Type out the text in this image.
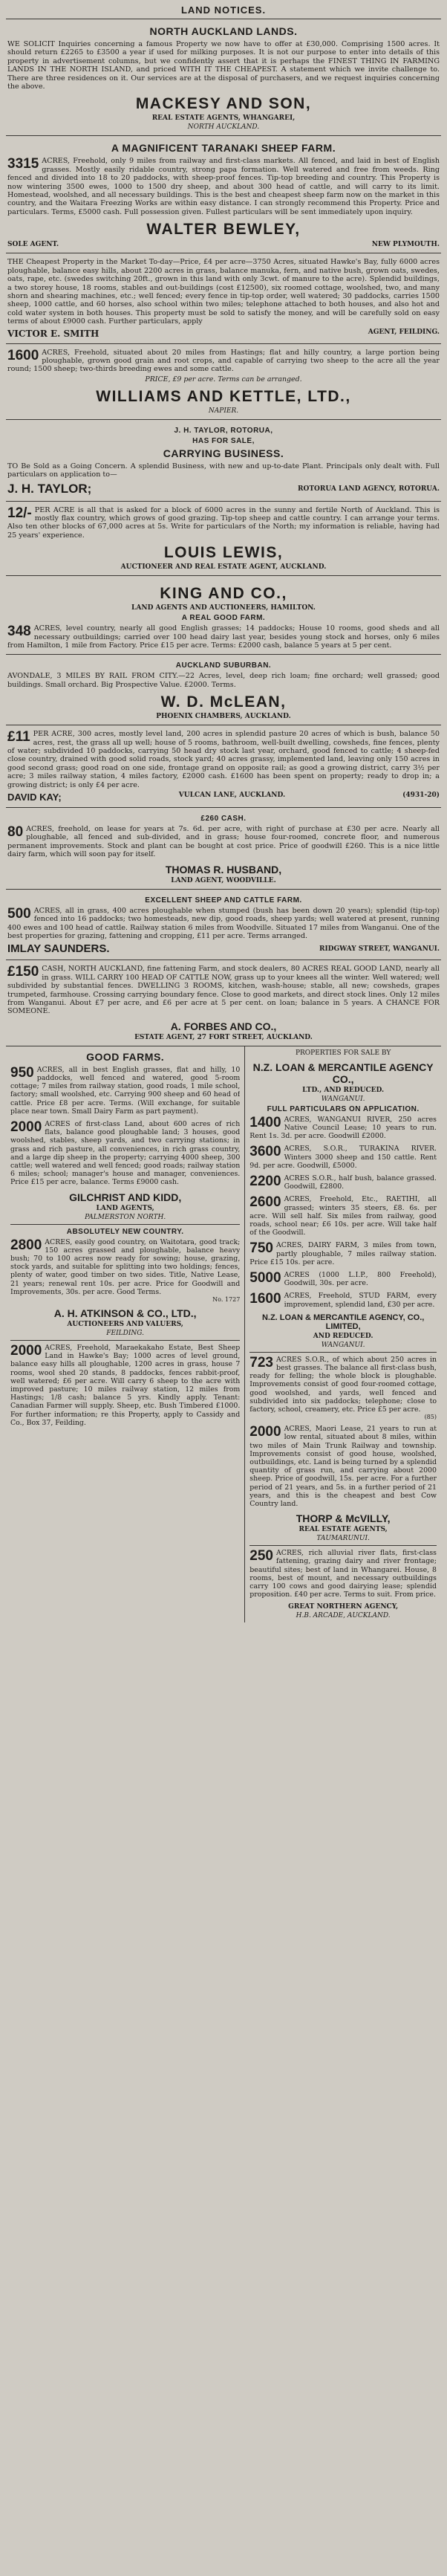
LAND NOTICES.
NORTH AUCKLAND LANDS.

WE SOLICIT Inquiries concerning a famous Property we now have to offer at £30,000. Comprising 1500 acres. It should return £2265 to £3500 a year if used for milking purposes. It is not our purpose to enter into details of this property in advertisement columns, but we confidently assert that it is perhaps the FINEST THING IN FARMING LANDS IN THE NORTH ISLAND, and priced WITH IT THE CHEAPEST. A statement which we invite challenge to. There are three residences on it. Our services are at the disposal of purchasers, and we request inquiries concerning the above.

MACKESY AND SON,
REAL ESTATE AGENTS, WHANGAREI,
NORTH AUCKLAND.
A MAGNIFICENT TARANAKI SHEEP FARM.

3315 ACRES, Freehold, only 9 miles from railway and first-class markets. All fenced, and laid in best of English grasses. Mostly easily ridable country, strong papa formation. Well watered and free from weeds. Ring fenced and divided into 18 to 20 paddocks, with sheep-proof fences. Tip-top breeding and country. This Property is now wintering 3500 ewes, 1000 to 1500 dry sheep, and about 300 head of cattle, and will carry to its limit. Homestead, woolshed, and all necessary buildings. This is the best and cheapest sheep farm now on the market in this country, and the Waitara Freezing Works are within easy distance. I can strongly recommend this Property. Price and particulars. Terms, £5000 cash. Full possession given. Fullest particulars will be sent immediately upon inquiry.

WALTER BEWLEY,
SOLE AGENT.	NEW PLYMOUTH.

THE Cheapest Property in the Market To-day—Price, £4 per acre—3750 Acres, situated Hawke's Bay, fully 6000 acres ploughable, balance easy hills, about 2200 acres in grass, balance manuka, fern, and native bush, grown oats, swedes, oats, rape, etc. (swedes switching 20ft., grown in this land with only 3cwt. of manure to the acre). Splendid buildings, a two storey house, 18 rooms, stables and out-buildings (cost £12500), six roomed cottage, woolshed, two, and many shorn and shearing machines, etc.; well fenced; every fence in tip-top order, well watered; 30 paddocks, carries 1500 sheep, 1000 cattle, and 60 horses, also school within two miles; telephone attached to both houses, and also hot and cold water system in both houses. This property must be sold to satisfy the money, and will be carefully sold on easy terms of about £9000 cash. Further particulars, apply

VICTOR E. SMITH	AGENT, FEILDING.

1600 ACRES, Freehold, situated about 20 miles from Hastings; flat and hilly country, a large portion being ploughable, grown good grain and root crops, and capable of carrying two sheep to the acre all the year round; 1500 sheep; two-thirds breeding ewes and some cattle.

PRICE, £9 per acre. Terms can be arranged.
WILLIAMS AND KETTLE, LTD.,
NAPIER.
J. H. TAYLOR, ROTORUA,
HAS FOR SALE,
CARRYING BUSINESS.

TO Be Sold as a Going Concern. A splendid Business, with new and up-to-date Plant. Principals only dealt with. Full particulars on application to—

J. H. TAYLOR;	ROTORUA LAND AGENCY, ROTORUA.

12/- PER ACRE is all that is asked for a block of 6000 acres in the sunny and fertile North of Auckland. This is mostly flax country, which grows of good grazing. Tip-top sheep and cattle country. I can arrange your terms. Also ten other blocks of 67,000 acres at 5s. Write for particulars of the North; my information is reliable, having had 25 years' experience.

LOUIS LEWIS,
AUCTIONEER AND REAL ESTATE AGENT, AUCKLAND.
KING AND CO.,
LAND AGENTS AND AUCTIONEERS, HAMILTON.
A REAL GOOD FARM.

348 ACRES, level country, nearly all good English grasses; 14 paddocks; House 10 rooms, good sheds and all necessary outbuildings; carried over 100 head dairy last year, besides young stock and horses, only 6 miles from Hamilton, 1 mile from Factory. Price £15 per acre. Terms: £2000 cash, balance 5 years at 5 per cent.

AUCKLAND SUBURBAN.

AVONDALE, 3 MILES BY RAIL FROM CITY.—22 Acres, level, deep rich loam; fine orchard; well grassed; good buildings. Small orchard. Big Prospective Value. £2000. Terms.

W. D. McLEAN,
PHOENIX CHAMBERS, AUCKLAND.

£11 PER ACRE, 300 acres, mostly level land, 200 acres in splendid pasture 20 acres of which is bush, balance 50 acres, rest, the grass all up well; house of 5 rooms, bathroom, well-built dwelling, cowsheds, fine fences, plenty of water; subdivided 10 paddocks, carrying 50 head dry stock last year, orchard, good fenced to cattle; 4 sheep-fed close country, drained with good solid roads, stock yard; 40 acres grassy, implemented land, leaving only 150 acres in good second grass; good road on one side, frontage grand on opposite rail; as good a growing district, carry 3½ per acre; 3 miles railway station, 4 miles factory, £2000 cash. £1600 has been spent on property; ready to drop in; a growing district; is only £4 per acre.

DAVID KAY;	VULCAN LANE, AUCKLAND.	(4931-20)
£260 CASH.

80 ACRES, freehold, on lease for years at 7s. 6d. per acre, with right of purchase at £30 per acre. Nearly all ploughable, all fenced and sub-divided, and in grass; house four-roomed, concrete floor, and numerous permanent improvements. Stock and plant can be bought at cost price. Price of goodwill £260. This is a nice little dairy farm, which will soon pay for itself.

THOMAS R. HUSBAND,
LAND AGENT, WOODVILLE.
EXCELLENT SHEEP AND CATTLE FARM.

500 ACRES, all in grass, 400 acres ploughable when stumped (bush has been down 20 years); splendid (tip-top) fenced into 16 paddocks; two homesteads, new dip, good roads, sheep yards; well watered at present, running 400 ewes and 100 head of cattle. Railway station 6 miles from Woodville. Situated 17 miles from Wanganui. One of the best properties for grazing, fattening and cropping, £11 per acre. Terms arranged.

IMLAY SAUNDERS.	RIDGWAY STREET, WANGANUI.

£150 CASH, NORTH AUCKLAND, fine fattening Farm, and stock dealers, 80 ACRES REAL GOOD LAND, nearly all in grass. WILL CARRY 100 HEAD OF CATTLE NOW, grass up to your knees all the winter. Well watered; well subdivided by substantial fences. DWELLING 3 ROOMS, kitchen, wash-house; stable, all new; cowsheds, grapes trumpeted, farmhouse. Crossing carrying boundary fence. Close to good markets, and direct stock lines. Only 12 miles from Wanganui. About £7 per acre, and £6 per acre at 5 per cent. on loan; balance in 5 years. A CHANCE FOR SOMEONE.

A. FORBES AND CO.,
ESTATE AGENT, 27 FORT STREET, AUCKLAND.
GOOD FARMS.

950 ACRES, all in best English grasses, flat and hilly, 10 paddocks, well fenced and watered, good 5-room cottage; 7 miles from railway station, good roads, 1 mile school, factory; small woolshed, etc. Carrying 900 sheep and 60 head of cattle. Price £8 per acre. Terms. (Will exchange, for suitable place near town. Small Dairy Farm as part payment).

2000 ACRES of first-class Land, about 600 acres of rich flats, balance good ploughable land; 3 houses, good woolshed, stables, sheep yards, and two carrying stations; in grass and rich pasture, all conveniences, in rich grass country, and a large dip sheep in the property; carrying 4000 sheep, 300 cattle; well watered and well fenced; good roads; railway station 6 miles; school; manager's house and manager, conveniences. Price £15 per acre, balance. Terms £9000 cash.

GILCHRIST AND KIDD,
LAND AGENTS,
PALMERSTON NORTH.
ABSOLUTELY NEW COUNTRY.

2800 ACRES, easily good country, on Waitotara, good track; 150 acres grassed and ploughable, balance heavy bush; 70 to 100 acres now ready for sowing; house, grazing, stock yards, and suitable for splitting into two holdings; fences, plenty of water, good timber on two sides. Title, Native Lease, 21 years; renewal rent 10s. per acre. Price for Goodwill and Improvements, 30s. per acre. Good Terms.

No. 1727
A. H. ATKINSON & CO., LTD.,
AUCTIONEERS AND VALUERS,
FEILDING.

2000 ACRES, Freehold, Maraekakaho Estate, Best Sheep Land in Hawke's Bay; 1000 acres of level ground, balance easy hills all ploughable, 1200 acres in grass, house 7 rooms, wool shed 20 stands, 8 paddocks, fences rabbit-proof, well watered; £6 per acre. Will carry 6 sheep to the acre with improved pasture; 10 miles railway station, 12 miles from Hastings; 1/8 cash; balance 5 yrs. Kindly apply. Tenant: Canadian Farmer will supply. Sheep, etc. Bush Timbered £1000. For further information; re this Property, apply to Cassidy and Co., Box 37, Feilding.

PROPERTIES FOR SALE BY
N.Z. LOAN & MERCANTILE AGENCY CO.,
LTD., AND REDUCED.
WANGANUI.
FULL PARTICULARS ON APPLICATION.

1400 ACRES, WANGANUI RIVER, 250 acres Native Council Lease; 10 years to run. Rent 1s. 3d. per acre. Goodwill £2000.

3600 ACRES, S.O.R., TURAKINA RIVER. Winters 3000 sheep and 150 cattle. Rent 9d. per acre. Goodwill, £5000.

2200 ACRES S.O.R., half bush, balance grassed. Goodwill, £2800.

2600 ACRES, Freehold, Etc., RAETIHI, all grassed; winters 35 steers, £8. 6s. per acre. Will sell half. Six miles from railway, good roads, school near; £6 10s. per acre. Will take half of the Goodwill.

750 ACRES, DAIRY FARM, 3 miles from town, partly ploughable, 7 miles railway station. Price £15 10s. per acre.

5000 ACRES (1000 L.I.P., 800 Freehold), Goodwill, 30s. per acre.

1600 ACRES, Freehold, STUD FARM, every improvement, splendid land, £30 per acre.

N.Z. LOAN & MERCANTILE AGENCY, CO., LIMITED,
AND REDUCED.
WANGANUI.

723 ACRES S.O.R., of which about 250 acres in best grasses. The balance all first-class bush, ready for felling; the whole block is ploughable. Improvements consist of good four-roomed cottage, good woolshed, and yards, well fenced and subdivided into six paddocks; telephone; close to factory, school, creamery, etc. Price £5 per acre.

(85)

2000 ACRES, Maori Lease, 21 years to run at low rental, situated about 8 miles, within two miles of Main Trunk Railway and township. Improvements consist of good house, woolshed, outbuildings, etc. Land is being turned by a splendid quantity of grass run, and carrying about 2000 sheep. Price of goodwill, 15s. per acre. For a further period of 21 years, and 5s. in a further period of 21 years, and this is the cheapest and best Cow Country land.

THORP & McVILLY,
REAL ESTATE AGENTS,
TAUMARUNUI.

250 ACRES, rich alluvial river flats, first-class fattening, grazing dairy and river frontage; beautiful sites; best of land in Whangarei. House, 8 rooms, best of mount, and necessary outbuildings carry 100 cows and good dairying lease; splendid proposition. £40 per acre. Terms to suit. From price.

GREAT NORTHERN AGENCY,
H.B. ARCADE, AUCKLAND.
